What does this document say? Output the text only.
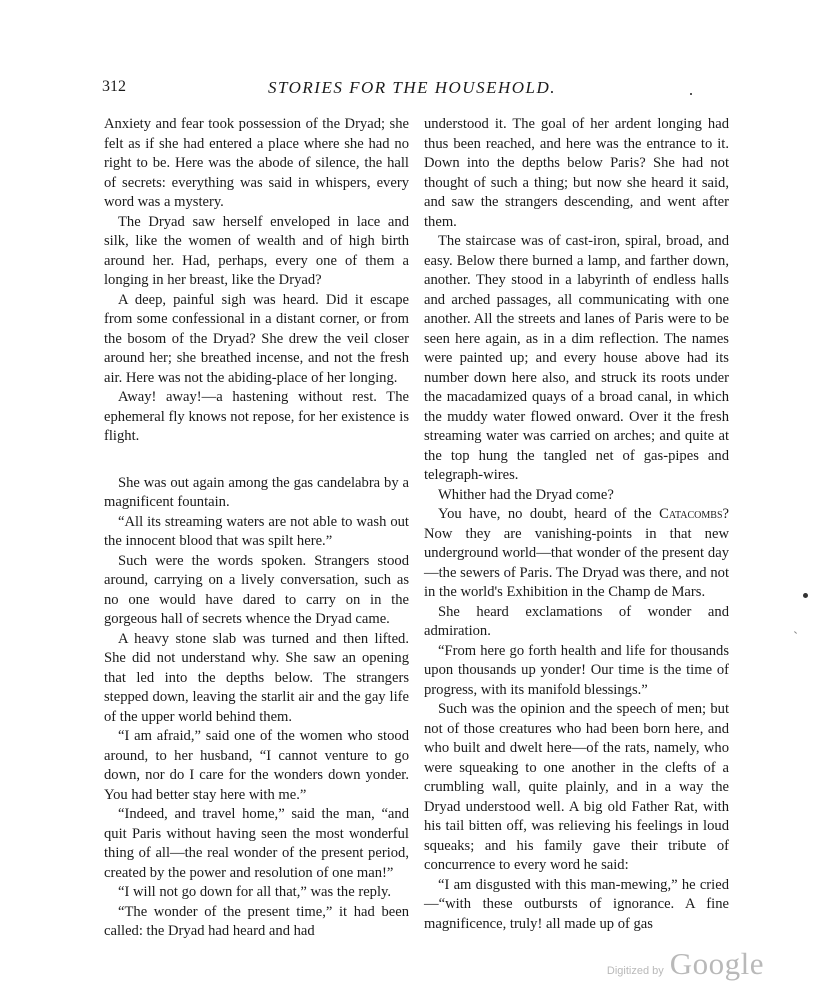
312	STORIES FOR THE HOUSEHOLD.

Anxiety and fear took possession of the Dryad; she felt as if she had entered a place where she had no right to be. Here was the abode of silence, the hall of secrets: everything was said in whispers, every word was a mystery.

The Dryad saw herself enveloped in lace and silk, like the women of wealth and of high birth around her. Had, perhaps, every one of them a longing in her breast, like the Dryad?

A deep, painful sigh was heard. Did it escape from some confessional in a distant corner, or from the bosom of the Dryad? She drew the veil closer around her; she breathed incense, and not the fresh air. Here was not the abiding-place of her longing.

Away! away!—a hastening without rest. The ephemeral fly knows not repose, for her existence is flight.

She was out again among the gas candelabra by a magnificent fountain.

“All its streaming waters are not able to wash out the innocent blood that was spilt here.”

Such were the words spoken. Strangers stood around, carrying on a lively conversation, such as no one would have dared to carry on in the gorgeous hall of secrets whence the Dryad came.

A heavy stone slab was turned and then lifted. She did not understand why. She saw an opening that led into the depths below. The strangers stepped down, leaving the starlit air and the gay life of the upper world behind them.

“I am afraid,” said one of the women who stood around, to her husband, “I cannot venture to go down, nor do I care for the wonders down yonder. You had better stay here with me.”

“Indeed, and travel home,” said the man, “and quit Paris without having seen the most wonderful thing of all—the real wonder of the present period, created by the power and resolution of one man!”

“I will not go down for all that,” was the reply.

“The wonder of the present time,” it had been called: the Dryad had heard and had

understood it. The goal of her ardent longing had thus been reached, and here was the entrance to it. Down into the depths below Paris? She had not thought of such a thing; but now she heard it said, and saw the strangers descending, and went after them.

The staircase was of cast-iron, spiral, broad, and easy. Below there burned a lamp, and farther down, another. They stood in a labyrinth of endless halls and arched passages, all communicating with one another. All the streets and lanes of Paris were to be seen here again, as in a dim reflection. The names were painted up; and every house above had its number down here also, and struck its roots under the macadamized quays of a broad canal, in which the muddy water flowed onward. Over it the fresh streaming water was carried on arches; and quite at the top hung the tangled net of gas-pipes and telegraph-wires.

Whither had the Dryad come?

You have, no doubt, heard of the Catacombs? Now they are vanishing-points in that new underground world—that wonder of the present day—the sewers of Paris. The Dryad was there, and not in the world's Exhibition in the Champ de Mars.

She heard exclamations of wonder and admiration.

“From here go forth health and life for thousands upon thousands up yonder! Our time is the time of progress, with its manifold blessings.”

Such was the opinion and the speech of men; but not of those creatures who had been born here, and who built and dwelt here—of the rats, namely, who were squeaking to one another in the clefts of a crumbling wall, quite plainly, and in a way the Dryad understood well. A big old Father Rat, with his tail bitten off, was relieving his feelings in loud squeaks; and his family gave their tribute of concurrence to every word he said:

“I am disgusted with this man-mewing,” he cried—“with these outbursts of ignorance. A fine magnificence, truly! all made up of gas

Digitized by Google
